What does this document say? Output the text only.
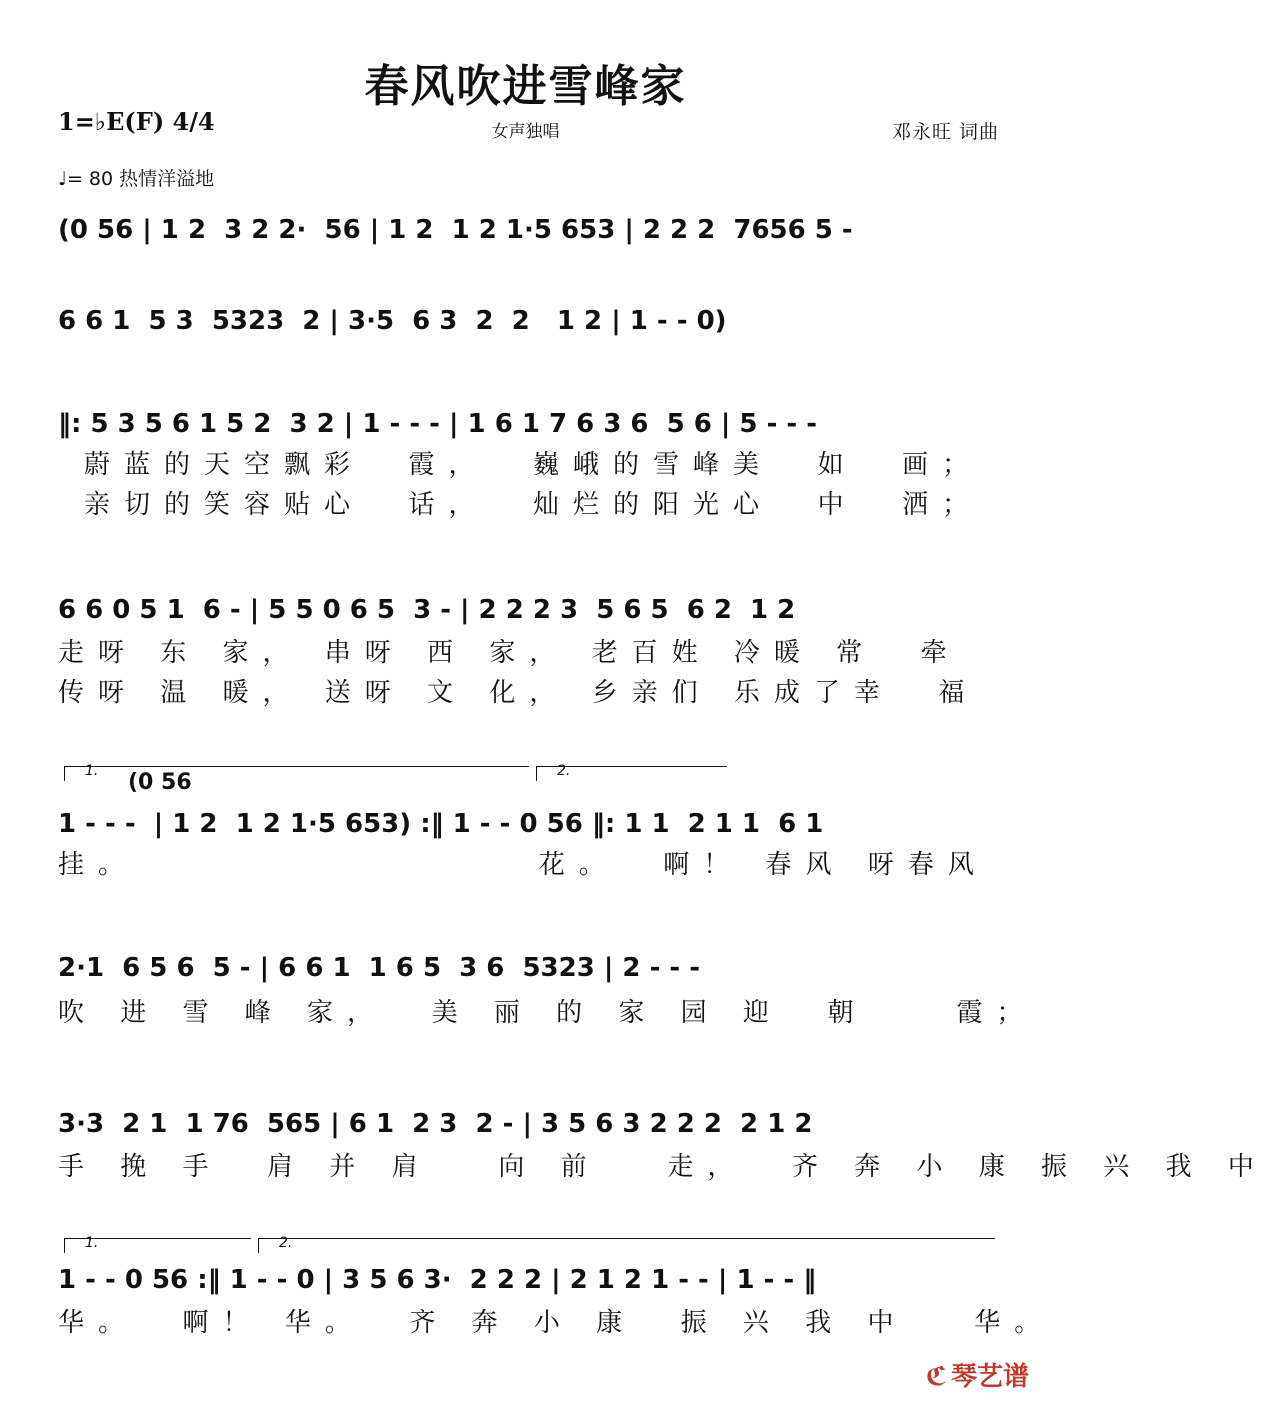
春风吹进雪峰家
1=♭E(F) 4/4	女声独唱	邓永旺 词曲
♩= 80 热情洋溢地
(0 56 | 1 2  3 2 2·  56 | 1 2  1 2 1·5 653 | 2 2 2  7656 5 -
6 6 1  5 3  5323  2 | 3·5  6 3  2  2   1 2 | 1 - - 0)
‖: 5 3 5 6 1 5 2  3 2 | 1 - - - | 1 6 1 7 6 3 6  5 6 | 5 - - -
蔚蓝的天空飘彩  霞，  巍峨的雪峰美  如  画；
亲切的笑容贴心  话，  灿烂的阳光心  中  洒；
6 6 0 5 1  6 - | 5 5 0 6 5  3 - | 2 2 2 3  5 6 5  6 2  1 2
走呀 东 家， 串呀 西 家， 老百姓 冷暖 常  牵
传呀 温 暖， 送呀 文 化， 乡亲们 乐成了幸  福
1.	2.
(0 56
1 - - -  | 1 2  1 2 1·5 653) :‖ 1 - - 0 56 ‖: 1 1  2 1 1  6 1
挂。                  花。  啊！ 春风 呀春风
2·1  6 5 6  5 - | 6 6 1  1 6 5  3 6  5323 | 2 - - -
吹 进 雪 峰 家，  美 丽 的 家 园 迎  朝    霞；
3·3  2 1  1 76  565 | 6 1  2 3  2 - | 3 5 6 3 2 2 2  2 1 2
手 挽 手  肩 并 肩   向 前   走，  齐 奔 小 康 振 兴 我 中
1.	2.
1 - - 0 56 :‖ 1 - - 0 | 3 5 6 3·  2 2 2 | 2 1 2 1 - - | 1 - - ‖
华。  啊！ 华。  齐 奔 小 康  振 兴 我 中   华。
ℭ 琴艺谱
